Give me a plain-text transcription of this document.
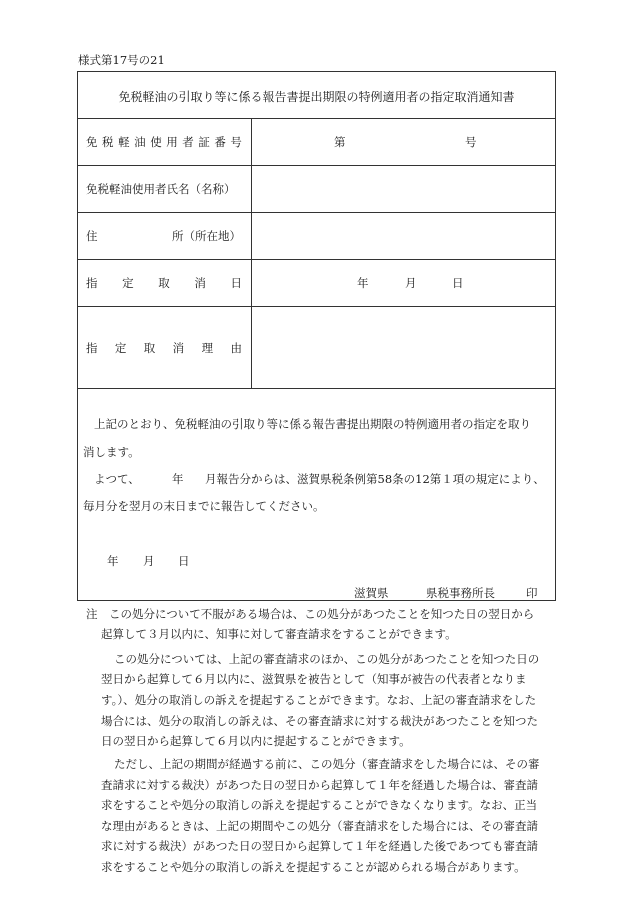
様式第17号の21
免税軽油の引取り等に係る報告書提出期限の特例適用者の指定取消通知書
免 税 軽 油 使 用 者 証 番 号	第	号
免税軽油使用者氏名（名称）
住	所（所在地）
指 定 取 消 日	年	月	日
指 定 取 消 理 由
上記のとおり、免税軽油の引取り等に係る報告書提出期限の特例適用者の指定を取り
消します。
よつて、	年 月報告分からは、滋賀県税条例第58条の12第１項の規定により、
毎月分を翌月の末日までに報告してください。
年 月 日
滋賀県	県税事務所長	印
注　この処分について不服がある場合は、この処分があつたことを知つた日の翌日から
起算して３月以内に、知事に対して審査請求をすることができます。
この処分については、上記の審査請求のほか、この処分があつたことを知つた日の
翌日から起算して６月以内に、滋賀県を被告として（知事が被告の代表者となりま
す。）、処分の取消しの訴えを提起することができます。なお、上記の審査請求をした
場合には、処分の取消しの訴えは、その審査請求に対する裁決があつたことを知つた
日の翌日から起算して６月以内に提起することができます。
ただし、上記の期間が経過する前に、この処分（審査請求をした場合には、その審
査請求に対する裁決）があつた日の翌日から起算して１年を経過した場合は、審査請
求をすることや処分の取消しの訴えを提起することができなくなります。なお、正当
な理由があるときは、上記の期間やこの処分（審査請求をした場合には、その審査請
求に対する裁決）があつた日の翌日から起算して１年を経過した後であつても審査請
求をすることや処分の取消しの訴えを提起することが認められる場合があります。
